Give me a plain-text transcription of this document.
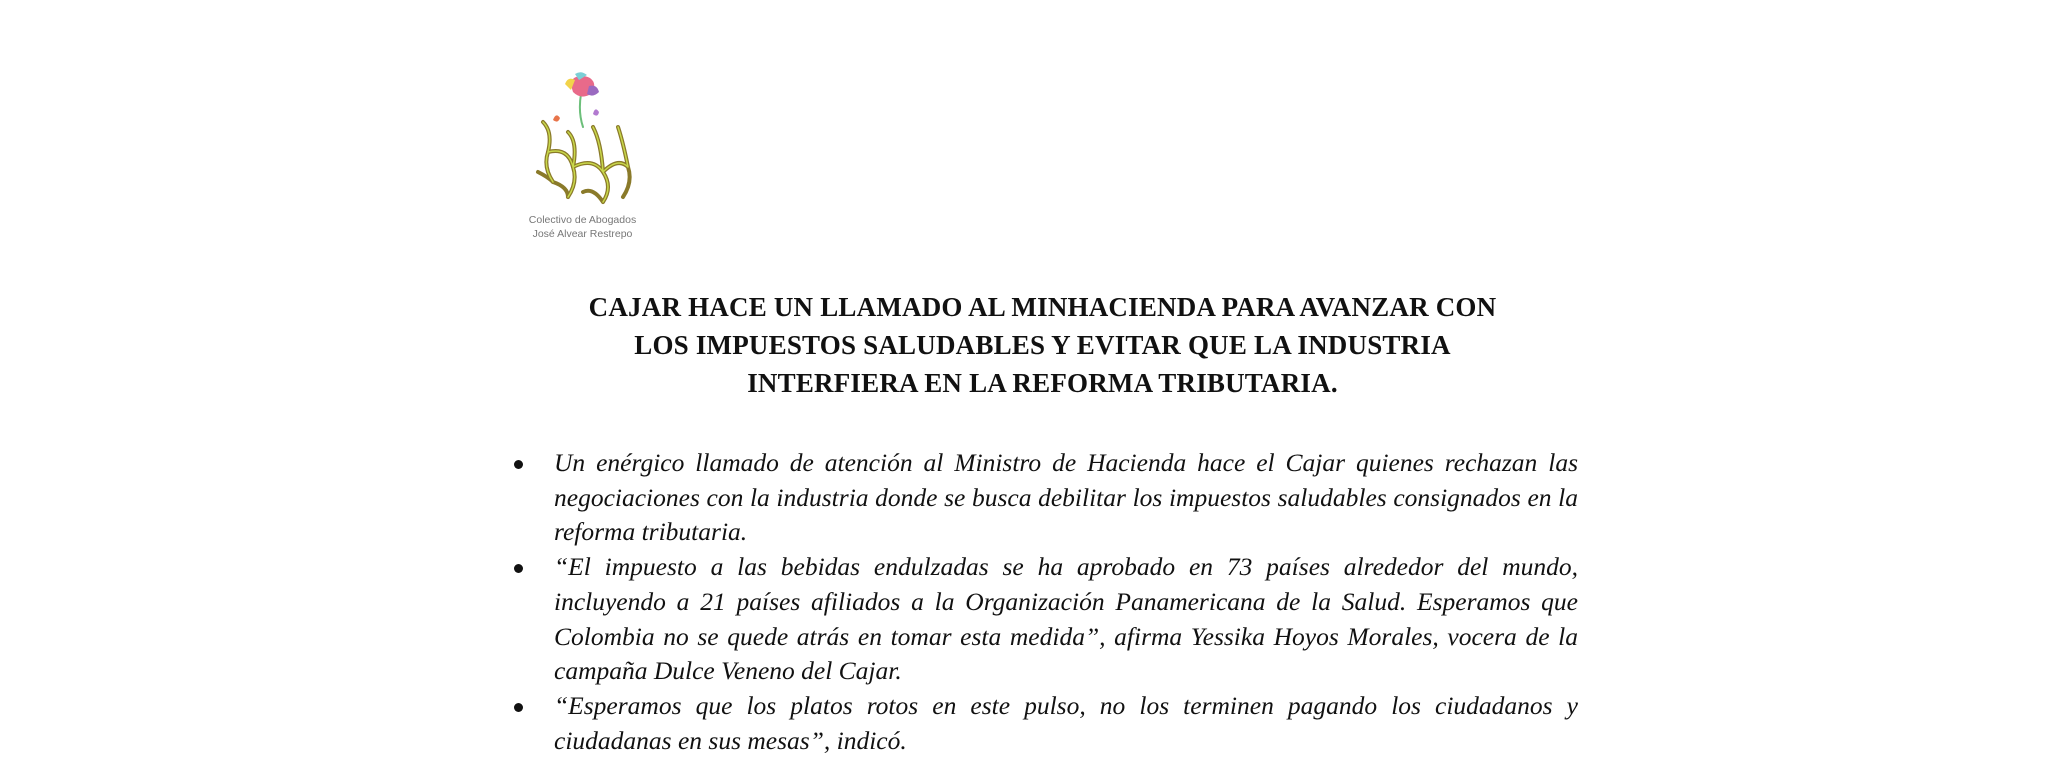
Colectivo de Abogados
José Alvear Restrepo
CAJAR HACE UN LLAMADO AL MINHACIENDA PARA AVANZAR CON
LOS IMPUESTOS SALUDABLES Y EVITAR QUE LA INDUSTRIA
INTERFIERA EN LA REFORMA TRIBUTARIA.
Un enérgico llamado de atención al Ministro de Hacienda hace el Cajar quienes rechazan las negociaciones con la industria donde se busca debilitar los impuestos saludables consignados en la reforma tributaria.
“El impuesto a las bebidas endulzadas se ha aprobado en 73 países alrededor del mundo, incluyendo a 21 países afiliados a la Organización Panamericana de la Salud. Esperamos que Colombia no se quede atrás en tomar esta medida”, afirma Yessika Hoyos Morales, vocera de la campaña Dulce Veneno del Cajar.
“Esperamos que los platos rotos en este pulso, no los terminen pagando los ciudadanos y ciudadanas en sus mesas”, indicó.
